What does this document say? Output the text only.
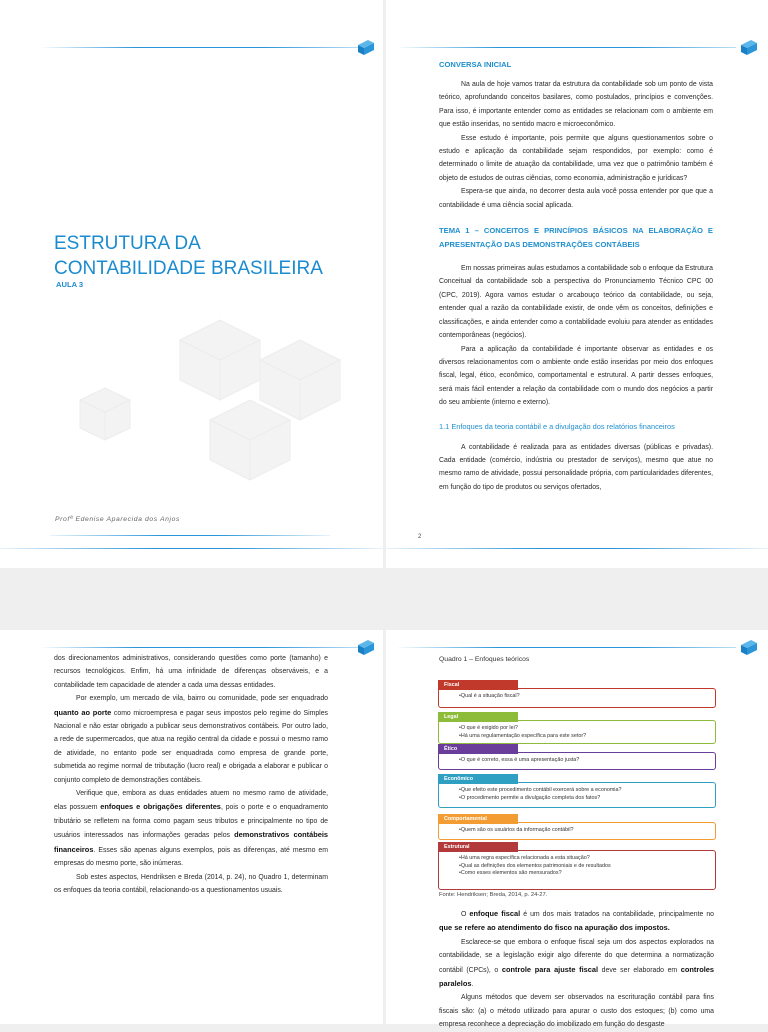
ESTRUTURA DA
CONTABILIDADE BRASILEIRA
AULA 3
Profª Edenise Aparecida dos Anjos
CONVERSA INICIAL

Na aula de hoje vamos tratar da estrutura da contabilidade sob um ponto de vista teórico, aprofundando conceitos basilares, como postulados, princípios e convenções. Para isso, é importante entender como as entidades se relacionam com o ambiente em que estão inseridas, no sentido macro e microeconômico.

Esse estudo é importante, pois permite que alguns questionamentos sobre o estudo e aplicação da contabilidade sejam respondidos, por exemplo: como é determinado o limite de atuação da contabilidade, uma vez que o patrimônio também é objeto de estudos de outras ciências, como economia, administração e jurídicas?

Espera-se que ainda, no decorrer desta aula você possa entender por que que a contabilidade é uma ciência social aplicada.

TEMA 1 – CONCEITOS E PRINCÍPIOS BÁSICOS NA ELABORAÇÃO E APRESENTAÇÃO DAS DEMONSTRAÇÕES CONTÁBEIS

Em nossas primeiras aulas estudamos a contabilidade sob o enfoque da Estrutura Conceitual da contabilidade sob a perspectiva do Pronunciamento Técnico CPC 00 (CPC, 2019). Agora vamos estudar o arcabouço teórico da contabilidade, ou seja, entender qual a razão da contabilidade existir, de onde vêm os conceitos, definições e classificações, e ainda entender como a contabilidade evoluiu para atender as entidades contemporâneas (negócios).

Para a aplicação da contabilidade é importante observar as entidades e os diversos relacionamentos com o ambiente onde estão inseridas por meio dos enfoques fiscal, legal, ético, econômico, comportamental e estrutural. A partir desses enfoques, será mais fácil entender a relação da contabilidade com o mundo dos negócios a partir do seu ambiente (interno e externo).

1.1 Enfoques da teoria contábil e a divulgação dos relatórios financeiros

A contabilidade é realizada para as entidades diversas (públicas e privadas). Cada entidade (comércio, indústria ou prestador de serviços), mesmo que atue no mesmo ramo de atividade, possui personalidade própria, com particularidades diferentes, em função do tipo de produtos ou serviços ofertados,

2

dos direcionamentos administrativos, considerando questões como porte (tamanho) e recursos tecnológicos. Enfim, há uma infinidade de diferenças observáveis, e a contabilidade tem capacidade de atender a cada uma dessas entidades.

Por exemplo, um mercado de vila, bairro ou comunidade, pode ser enquadrado quanto ao porte como microempresa e pagar seus impostos pelo regime do Simples Nacional e não estar obrigado a publicar seus demonstrativos contábeis. Por outro lado, a rede de supermercados, que atua na região central da cidade e possui o mesmo ramo de atividade, no entanto pode ser enquadrada como empresa de grande porte, submetida ao regime normal de tributação (lucro real) e obrigada a elaborar e publicar o conjunto completo de demonstrações contábeis.

Verifique que, embora as duas entidades atuem no mesmo ramo de atividade, elas possuem enfoques e obrigações diferentes, pois o porte e o enquadramento tributário se refletem na forma como pagam seus tributos e principalmente no tipo de usuários interessados nas informações geradas pelos demonstrativos contábeis financeiros. Esses são apenas alguns exemplos, pois as diferenças, até mesmo em empresas do mesmo porte, são inúmeras.

Sob estes aspectos, Hendriksen e Breda (2014, p. 24), no Quadro 1, determinam os enfoques da teoria contábil, relacionando-os a questionamentos usuais.

Quadro 1 – Enfoques teóricos
Fonte: Hendriksen; Breda, 2014, p. 24-27.

O enfoque fiscal é um dos mais tratados na contabilidade, principalmente no que se refere ao atendimento do fisco na apuração dos impostos.

Esclarece-se que embora o enfoque fiscal seja um dos aspectos explorados na contabilidade, se a legislação exigir algo diferente do que determina a normatização contábil (CPCs), o controle para ajuste fiscal deve ser elaborado em controles paralelos.

Alguns métodos que devem ser observados na escrituração contábil para fins fiscais são: (a) o método utilizado para apurar o custo dos estoques; (b) como uma empresa reconhece a depreciação do imobilizado em função do desgaste

Fiscal
•Qual é a situação fiscal?
Legal
•O que é exigido por lei?
•Há uma regulamentação específica para este setor?
Ético
•O que é correto, essa é uma apresentação justa?
Econômico
•Que efeito este procedimento contábil exercerá sobre a economia?
•O procedimento permite a divulgação completa dos fatos?
Comportamental
•Quem são os usuários da informação contábil?
Estrutural
•Há uma regra específica relacionada a esta situação?
•Qual as definições dos elementos patrimoniais e de resultados
•Como esses elementos são mensurados?
